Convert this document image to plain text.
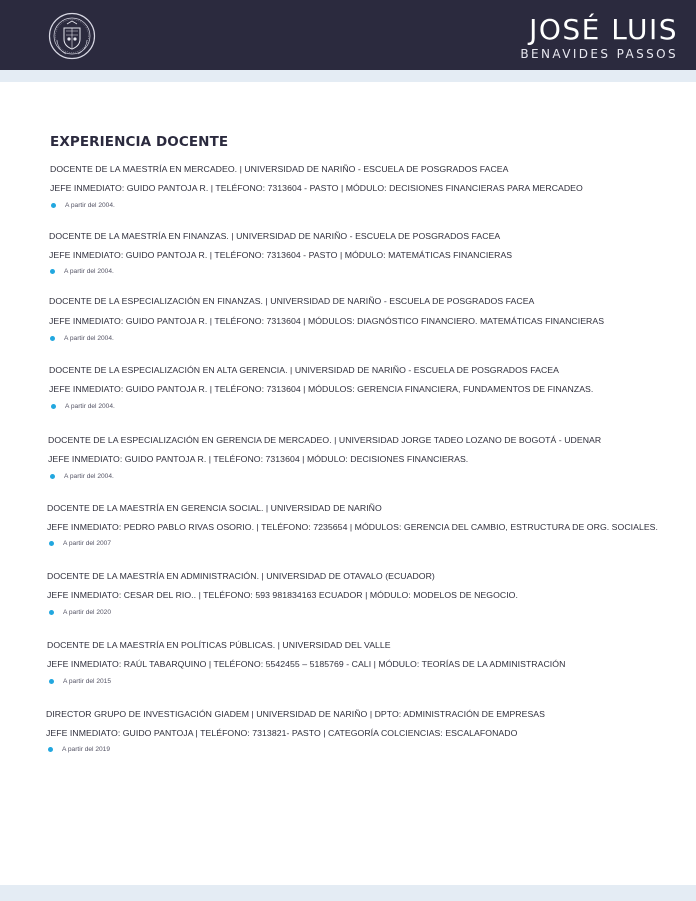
JOSÉ LUIS
BENAVIDES PASSOS
EXPERIENCIA DOCENTE
DOCENTE DE LA MAESTRÍA EN MERCADEO. | UNIVERSIDAD DE NARIÑO - ESCUELA DE POSGRADOS FACEA
JEFE INMEDIATO: GUIDO PANTOJA R. | TELÉFONO: 7313604 - PASTO | MÓDULO: DECISIONES FINANCIERAS PARA MERCADEO
A partir del 2004.
DOCENTE DE LA MAESTRÍA EN FINANZAS. | UNIVERSIDAD DE NARIÑO - ESCUELA DE POSGRADOS FACEA
JEFE INMEDIATO: GUIDO PANTOJA R. | TELÉFONO: 7313604 - PASTO | MÓDULO: MATEMÁTICAS FINANCIERAS
A partir del 2004.
DOCENTE DE LA ESPECIALIZACIÓN EN FINANZAS. | UNIVERSIDAD DE NARIÑO - ESCUELA DE POSGRADOS FACEA
JEFE INMEDIATO: GUIDO PANTOJA R. | TELÉFONO: 7313604 | MÓDULOS: DIAGNÓSTICO FINANCIERO. MATEMÁTICAS FINANCIERAS
A partir del 2004.
DOCENTE DE LA ESPECIALIZACIÓN EN ALTA GERENCIA. | UNIVERSIDAD DE NARIÑO - ESCUELA DE POSGRADOS FACEA
JEFE INMEDIATO: GUIDO PANTOJA R. | TELÉFONO: 7313604 | MÓDULOS: GERENCIA FINANCIERA, FUNDAMENTOS DE FINANZAS.
A partir del 2004.
DOCENTE DE LA ESPECIALIZACIÓN EN GERENCIA DE MERCADEO. | UNIVERSIDAD JORGE TADEO LOZANO DE BOGOTÁ - UDENAR
JEFE INMEDIATO: GUIDO PANTOJA R. | TELÉFONO: 7313604 | MÓDULO: DECISIONES FINANCIERAS.
A partir del 2004.
DOCENTE DE LA MAESTRÍA EN GERENCIA SOCIAL. | UNIVERSIDAD DE NARIÑO
JEFE INMEDIATO: PEDRO PABLO RIVAS OSORIO. | TELÉFONO: 7235654 | MÓDULOS: GERENCIA DEL CAMBIO, ESTRUCTURA DE ORG. SOCIALES.
A partir del 2007
DOCENTE DE LA MAESTRÍA EN ADMINISTRACIÓN. | UNIVERSIDAD DE OTAVALO (ECUADOR)
JEFE INMEDIATO: CESAR DEL RIO.. | TELÉFONO: 593 981834163 ECUADOR | MÓDULO: MODELOS DE NEGOCIO.
A partir del 2020
DOCENTE DE LA MAESTRÍA EN POLÍTICAS PÚBLICAS. | UNIVERSIDAD DEL VALLE
JEFE INMEDIATO: RAÚL TABARQUINO | TELÉFONO: 5542455 – 5185769 - CALI | MÓDULO: TEORÍAS DE LA ADMINISTRACIÓN
A partir del 2015
DIRECTOR GRUPO DE INVESTIGACIÓN GIADEM | UNIVERSIDAD DE NARIÑO | DPTO: ADMINISTRACIÓN DE EMPRESAS
JEFE INMEDIATO: GUIDO PANTOJA | TELÉFONO: 7313821- PASTO | CATEGORÍA COLCIENCIAS: ESCALAFONADO
A partir del 2019
